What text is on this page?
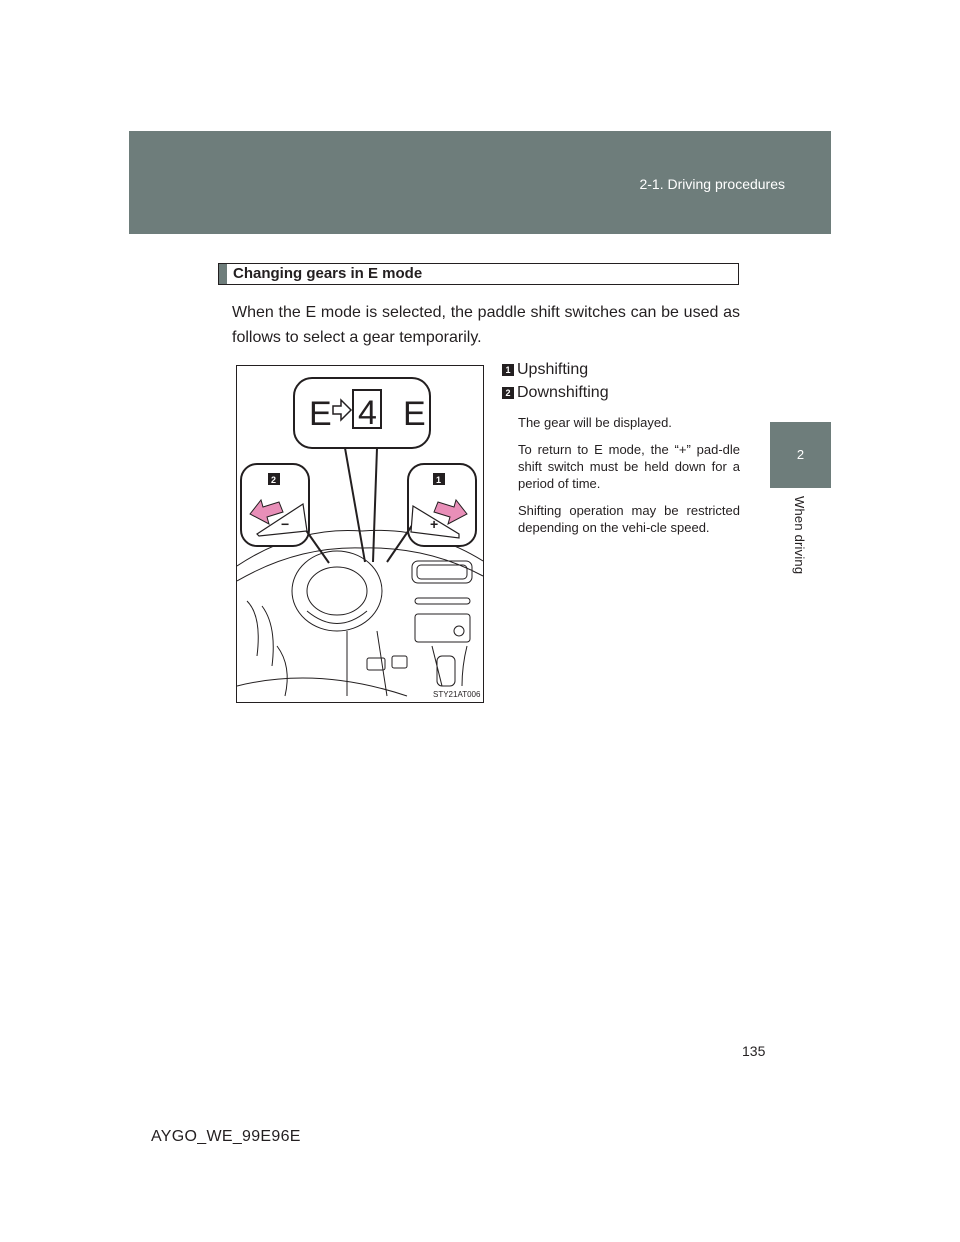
2-1. Driving procedures
2
When driving
Changing gears in E mode
When the E mode is selected, the paddle shift switches can be used as follows to select a gear temporarily.
E 4 E
2
−
1
+
STY21AT006
1 Upshifting
2 Downshifting

The gear will be displayed.

To return to E mode, the “+” pad-dle shift switch must be held down for a period of time.

Shifting operation may be restricted depending on the vehi-cle speed.

135
AYGO_WE_99E96E
